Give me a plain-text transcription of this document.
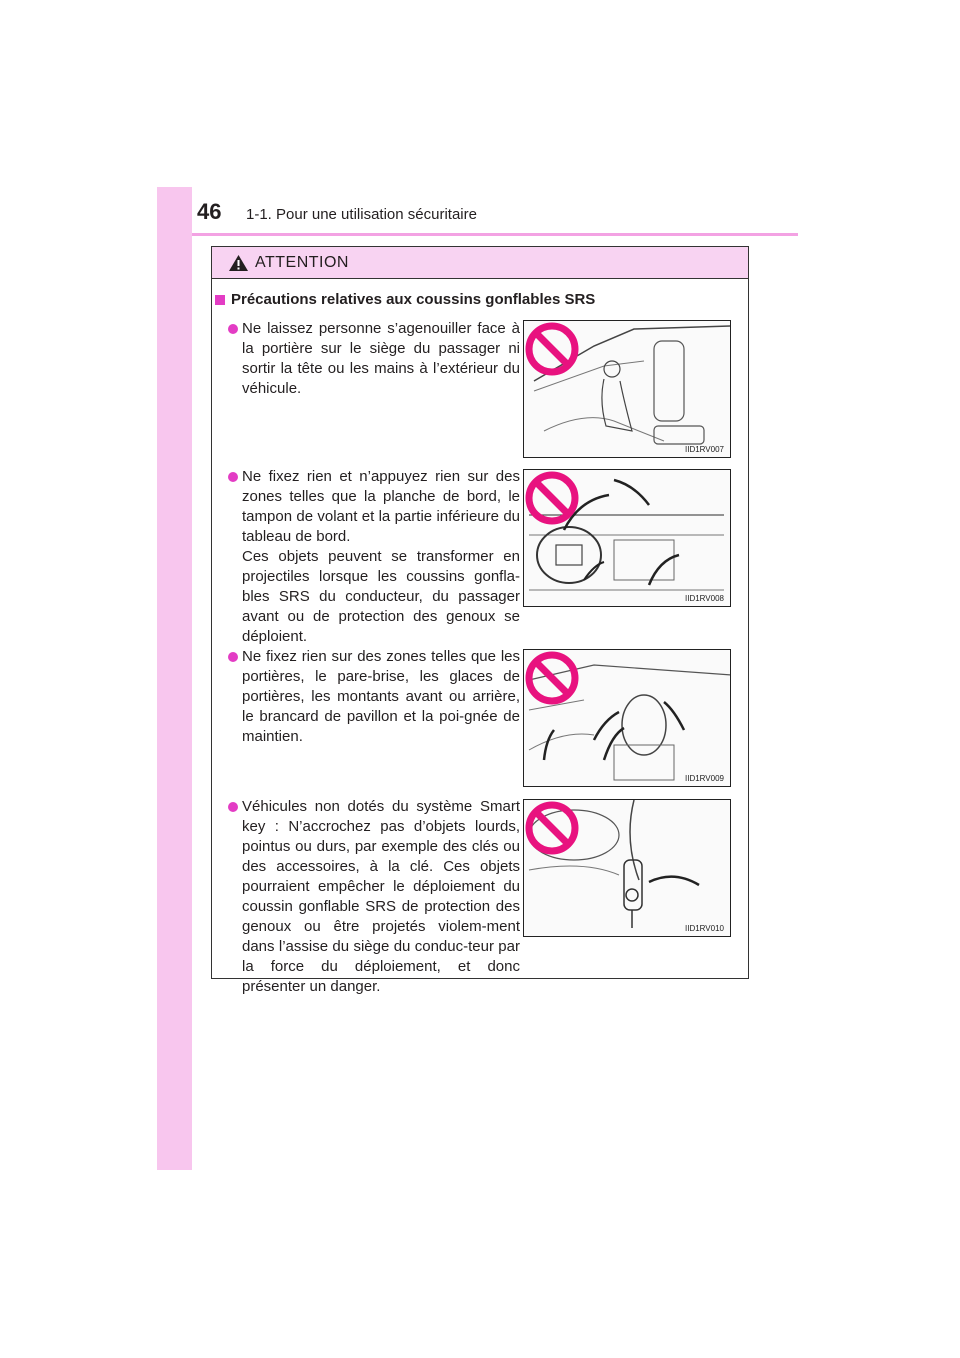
46 1-1. Pour une utilisation sécuritaire
ATTENTION
Précautions relatives aux coussins gonflables SRS
Ne laissez personne s’agenouiller face à la portière sur le siège du passager ni sortir la tête ou les mains à l’extérieur du véhicule.
IID1RV007
Ne fixez rien et n’appuyez rien sur des zones telles que la planche de bord, le tampon de volant et la partie inférieure du tableau de bord.
Ces objets peuvent se transformer en projectiles lorsque les coussins gonfla-bles SRS du conducteur, du passager avant ou de protection des genoux se déploient.
IID1RV008
Ne fixez rien sur des zones telles que les portières, le pare-brise, les glaces de portières, les montants avant ou arrière, le brancard de pavillon et la poi-gnée de maintien.
IID1RV009
Véhicules non dotés du système Smart key : N’accrochez pas d’objets lourds, pointus ou durs, par exemple des clés ou des accessoires, à la clé. Ces objets pourraient empêcher le déploiement du coussin gonflable SRS de protection des genoux ou être projetés violem-ment dans l’assise du siège du conduc-teur par la force du déploiement, et donc présenter un danger.
IID1RV010
